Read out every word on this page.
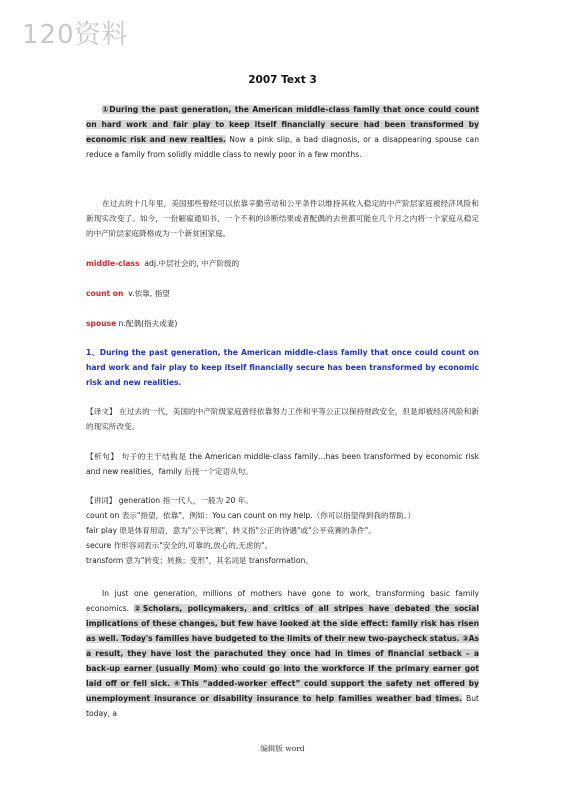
120资料
2007 Text 3
①During the past generation, the American middle-class family that once could count on hard work and fair play to keep itself financially secure had been transformed by economic risk and new realties. Now a pink slip, a bad diagnosis, or a disappearing spouse can reduce a family from solidly middle class to newly poor in a few months.
在过去的十几年里，美国那些曾经可以依靠辛勤劳动和公平条件以维持其收入稳定的中产阶层家庭被经济风险和新现实改变了。如今，一份解雇通知书、一个不利的诊断结果或者配偶的去世都可能在几个月之内将一个家庭从稳定的中产阶层家庭降格成为一个新贫困家庭。
middle-class adj.中层社会的, 中产阶级的
count on v.依靠, 指望
spouse n.配偶(指夫或妻)
1、During the past generation, the American middle-class family that once could count on hard work and fair play to keep itself financially secure has been transformed by economic risk and new realities.
【译文】 在过去的一代，美国的中产阶级家庭曾经依靠努力工作和平等公正以保持财政安全，但是却被经济风险和新的现实所改变。
【析句】 句子的主干结构是 the American middle-class family…has been transformed by economic risk and new realities，family 后接一个定语从句。

【讲词】 generation 指一代人，一般为 20 年。

count on 表示"指望，依靠"，例如：You can count on my help.（你可以指望得到我的帮助。）

fair play 原是体育用语，意为"公平比赛"，转义指"公正的待遇"或"公平竞赛的条件"。

secure 作形容词表示"安全的,可靠的,放心的,无虑的"。

transform 意为"转变；转换；变形"，其名词是 transformation。

In just one generation, millions of mothers have gone to work, transforming basic family economics. ②Scholars, policymakers, and critics of all stripes have debated the social implications of these changes, but few have looked at the side effect: family risk has risen as well. Today's families have budgeted to the limits of their new two-paycheck status. ③As a result, they have lost the parachuted they once had in times of financial setback – a back-up earner (usually Mom) who could go into the workforce if the primary earner got laid off or fell sick. ④This “added-worker effect” could support the safety net offered by unemployment insurance or disability insurance to help families weather bad times. But today, a
编辑版 word
